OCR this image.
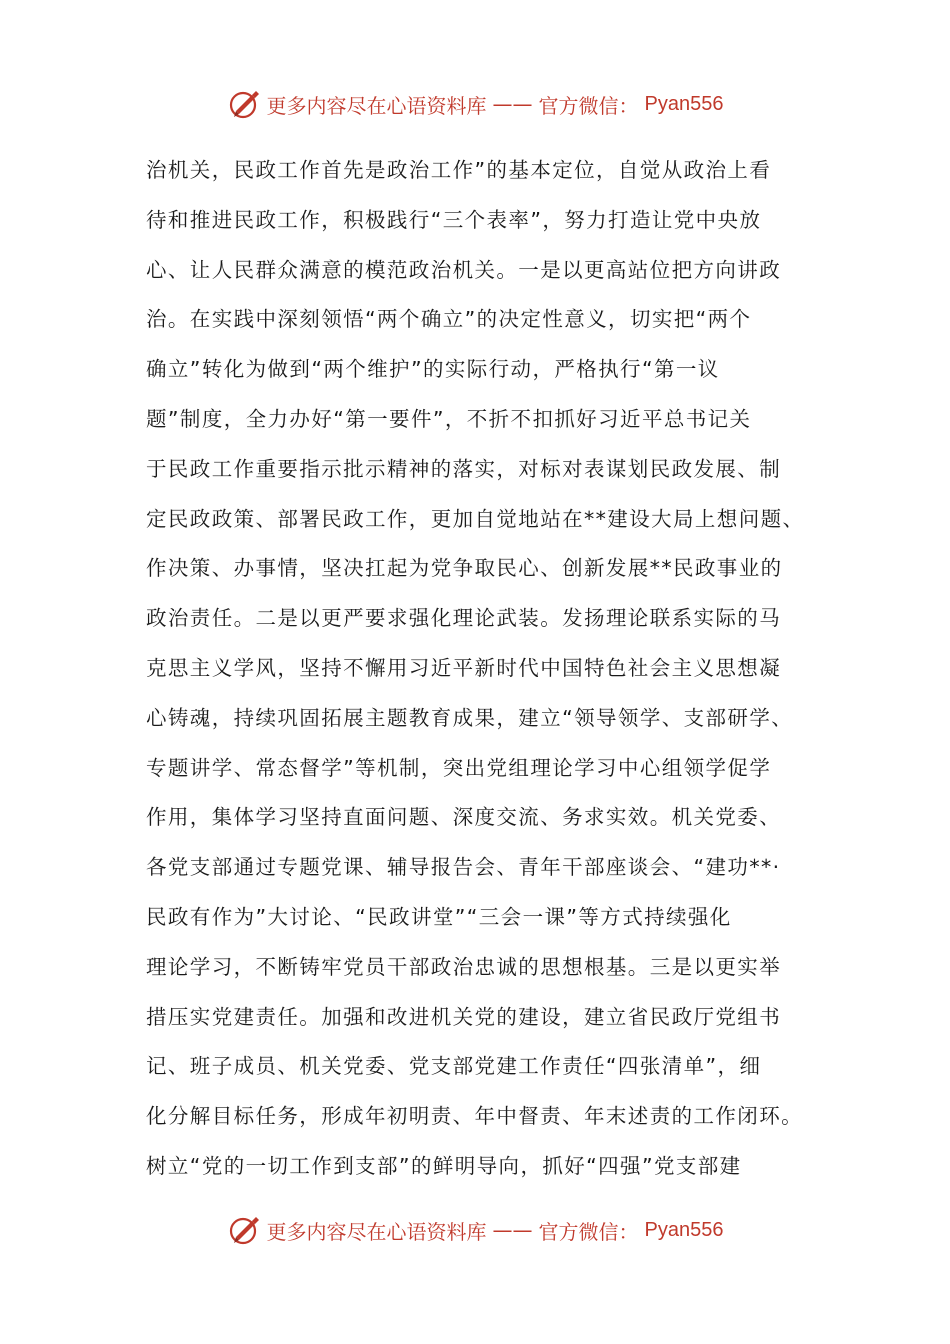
更多内容尽在心语资料库 —— 官方微信： Pyan556
治机关，民政工作首先是政治工作”的基本定位，自觉从政治上看
待和推进民政工作，积极践行“三个表率”，努力打造让党中央放
心、让人民群众满意的模范政治机关。一是以更高站位把方向讲政
治。在实践中深刻领悟“两个确立”的决定性意义，切实把“两个
确立”转化为做到“两个维护”的实际行动，严格执行“第一议
题”制度，全力办好“第一要件”，不折不扣抓好习近平总书记关
于民政工作重要指示批示精神的落实，对标对表谋划民政发展、制
定民政政策、部署民政工作，更加自觉地站在**建设大局上想问题、
作决策、办事情，坚决扛起为党争取民心、创新发展**民政事业的
政治责任。二是以更严要求强化理论武装。发扬理论联系实际的马
克思主义学风，坚持不懈用习近平新时代中国特色社会主义思想凝
心铸魂，持续巩固拓展主题教育成果，建立“领导领学、支部研学、
专题讲学、常态督学”等机制，突出党组理论学习中心组领学促学
作用，集体学习坚持直面问题、深度交流、务求实效。机关党委、
各党支部通过专题党课、辅导报告会、青年干部座谈会、“建功**·
民政有作为”大讨论、“民政讲堂”“三会一课”等方式持续强化
理论学习，不断铸牢党员干部政治忠诚的思想根基。三是以更实举
措压实党建责任。加强和改进机关党的建设，建立省民政厅党组书
记、班子成员、机关党委、党支部党建工作责任“四张清单”，细
化分解目标任务，形成年初明责、年中督责、年末述责的工作闭环。
树立“党的一切工作到支部”的鲜明导向，抓好“四强”党支部建
更多内容尽在心语资料库 —— 官方微信： Pyan556
